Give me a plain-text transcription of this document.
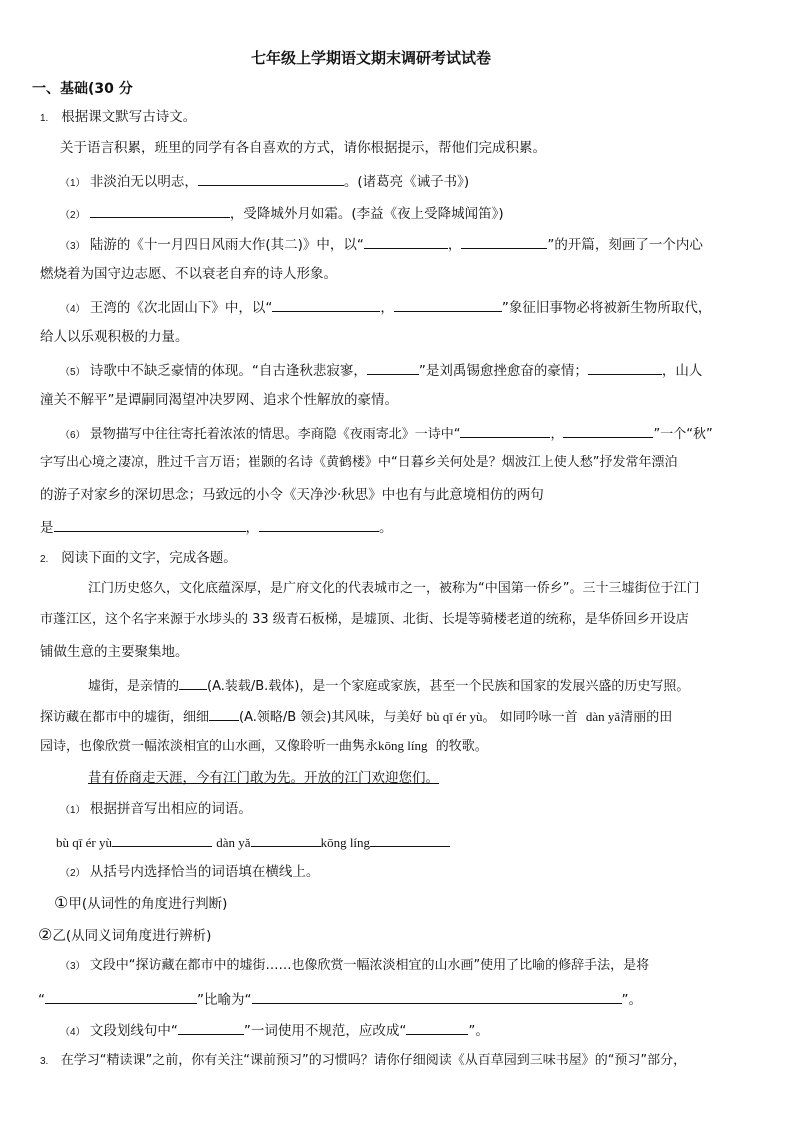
七年级上学期语文期末调研考试试卷
一、基础(30 分
1. 根据课文默写古诗文。
关于语言积累，班里的同学有各自喜欢的方式，请你根据提示，帮他们完成积累。
（1） 非淡泊无以明志，	。(诸葛亮《诫子书》)
（2）	，受降城外月如霜。(李益《夜上受降城闻笛》)
（3） 陆游的《十一月四日风雨大作(其二)》中，以“	，	”的开篇，刻画了一个内心
燃烧着为国守边志愿、不以衰老自弃的诗人形象。
（4） 王湾的《次北固山下》中，以“	，	”象征旧事物必将被新生物所取代，
给人以乐观积极的力量。
（5） 诗歌中不缺乏豪情的体现。“自古逢秋悲寂寥，	”是刘禹锡愈挫愈奋的豪情；	，山人
潼关不解平”是谭嗣同渴望冲决罗网、追求个性解放的豪情。
（6） 景物描写中往往寄托着浓浓的情思。李商隐《夜雨寄北》一诗中“	，	”一个“秋”
字写出心境之凄凉，胜过千言万语；崔颢的名诗《黄鹤楼》中“日暮乡关何处是？烟波江上使人愁”抒发常年漂泊
的游子对家乡的深切思念；马致远的小令《天净沙·秋思》中也有与此意境相仿的两句
是	，	。
2. 阅读下面的文字，完成各题。
江门历史悠久，文化底蕴深厚，是广府文化的代表城市之一，被称为“中国第一侨乡”。三十三墟街位于江门
市蓬江区，这个名字来源于水埗头的 33 级青石板梯，是墟顶、北街、长堤等骑楼老道的统称，是华侨回乡开设店
铺做生意的主要聚集地。
墟街，是亲情的 (A.装载/B.载体)，是一个家庭或家族，甚至一个民族和国家的发展兴盛的历史写照。
探访藏在都市中的墟街，细细 (A.领略/B 领会)其风味，与美好 bù qī ér yù。 如同吟咏一首 dàn yǎ清丽的田
园诗，也像欣赏一幅浓淡相宜的山水画，又像聆听一曲隽永kōng líng 的牧歌。
昔有侨商走天涯，今有江门敢为先。开放的江门欢迎您们。
（1） 根据拼音写出相应的词语。
bù qī ér yù	dàn yǎ	kōng líng
（2） 从括号内选择恰当的词语填在横线上。
①甲(从词性的角度进行判断)
②乙(从同义词角度进行辨析)
（3） 文段中“探访藏在都市中的墟街……也像欣赏一幅浓淡相宜的山水画”使用了比喻的修辞手法，是将
“	”比喻为“	”。
（4） 文段划线句中“	”一词使用不规范，应改成“	”。
3. 在学习“精读课”之前，你有关注“课前预习”的习惯吗？请你仔细阅读《从百草园到三味书屋》的“预习”部分，
